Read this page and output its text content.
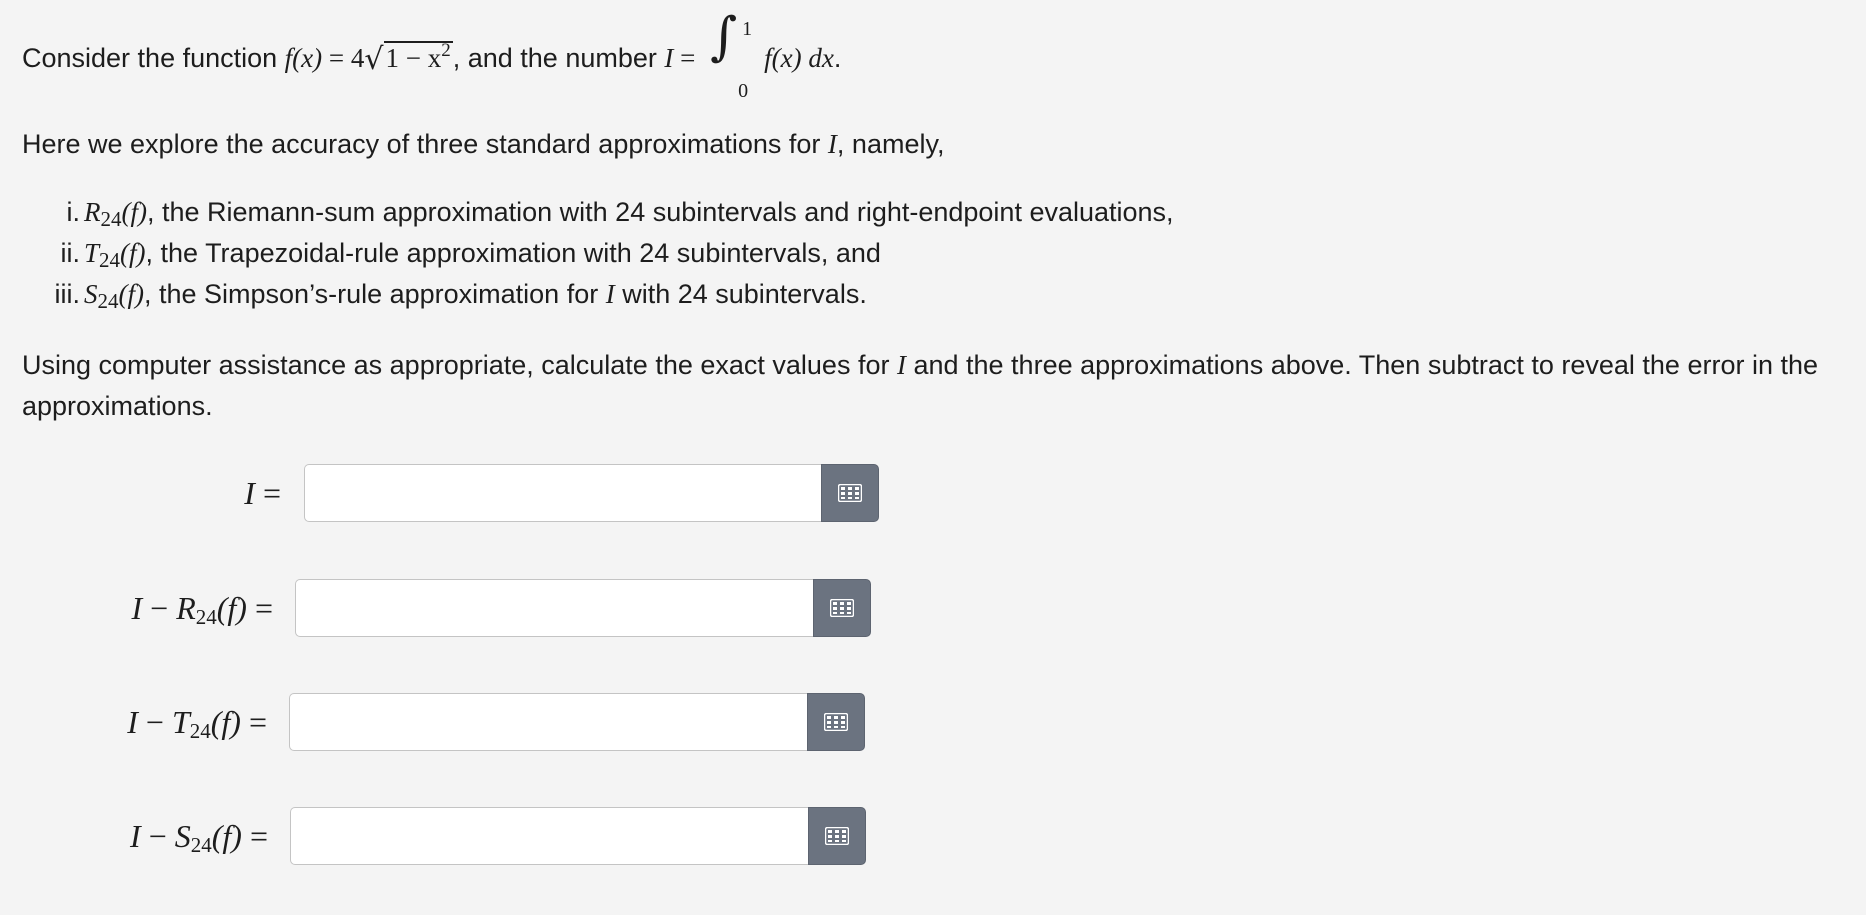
Consider the function $f(x) = 4√1 - x^2$, and the number I = ∫ 1
0
f(x) dx.
Here we explore the accuracy of three standard approximations for I, namely,
i. R24(f), the Riemann-sum approximation with 24 subintervals and right-endpoint evaluations,
ii. T24(f), the Trapezoidal-rule approximation with 24 subintervals, and
iii. S24(f), the Simpson’s-rule approximation for I with 24 subintervals.
Using computer assistance as appropriate, calculate the exact values for I and the three approximations above. Then subtract to reveal the error in the approximations.
I =
I − R24(f) =
I − T24(f) =
I − S24(f) =
